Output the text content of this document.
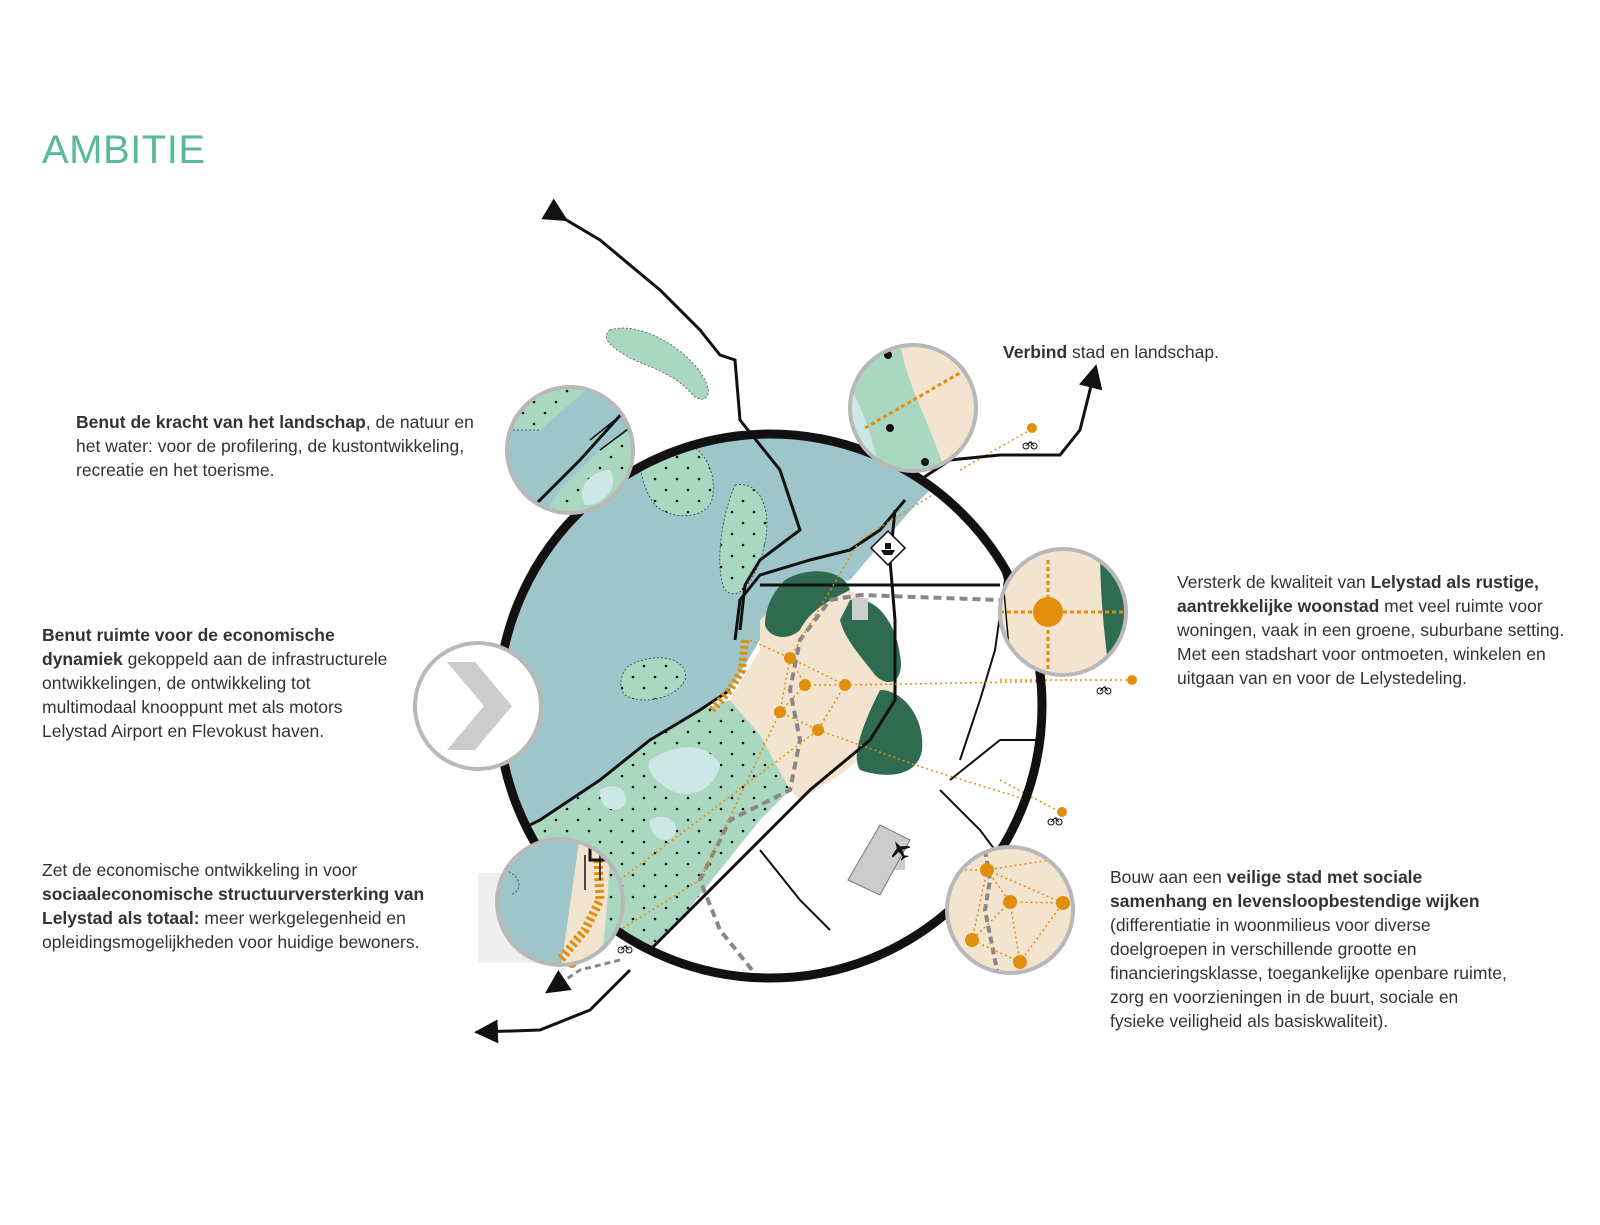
AMBITIE
Benut de kracht van het landschap, de natuur en het water: voor de profilering, de kustontwikkeling, recreatie en het toerisme.
Benut ruimte voor de economische dynamiek gekoppeld aan de infrastructurele ontwikkelingen, de ontwikkeling tot multimodaal knooppunt met als motors Lelystad Airport en Flevokust haven.
Zet de economische ontwikkeling in voor sociaaleconomische structuurversterking van Lelystad als totaal: meer werkgelegenheid en opleidingsmogelijkheden voor huidige bewoners.
Verbind stad en landschap.
Versterk de kwaliteit van Lelystad als rustige, aantrekkelijke woonstad met veel ruimte voor woningen, vaak in een groene, suburbane setting. Met een stadshart voor ontmoeten, winkelen en uitgaan van en voor de Lelystedeling.
Bouw aan een veilige stad met sociale samenhang en levensloopbestendige wijken (differentiatie in woonmilieus voor diverse doelgroepen in verschillende grootte en financieringsklasse, toegankelijke openbare ruimte, zorg en voorzieningen in de buurt, sociale en fysieke veiligheid als basiskwaliteit).
